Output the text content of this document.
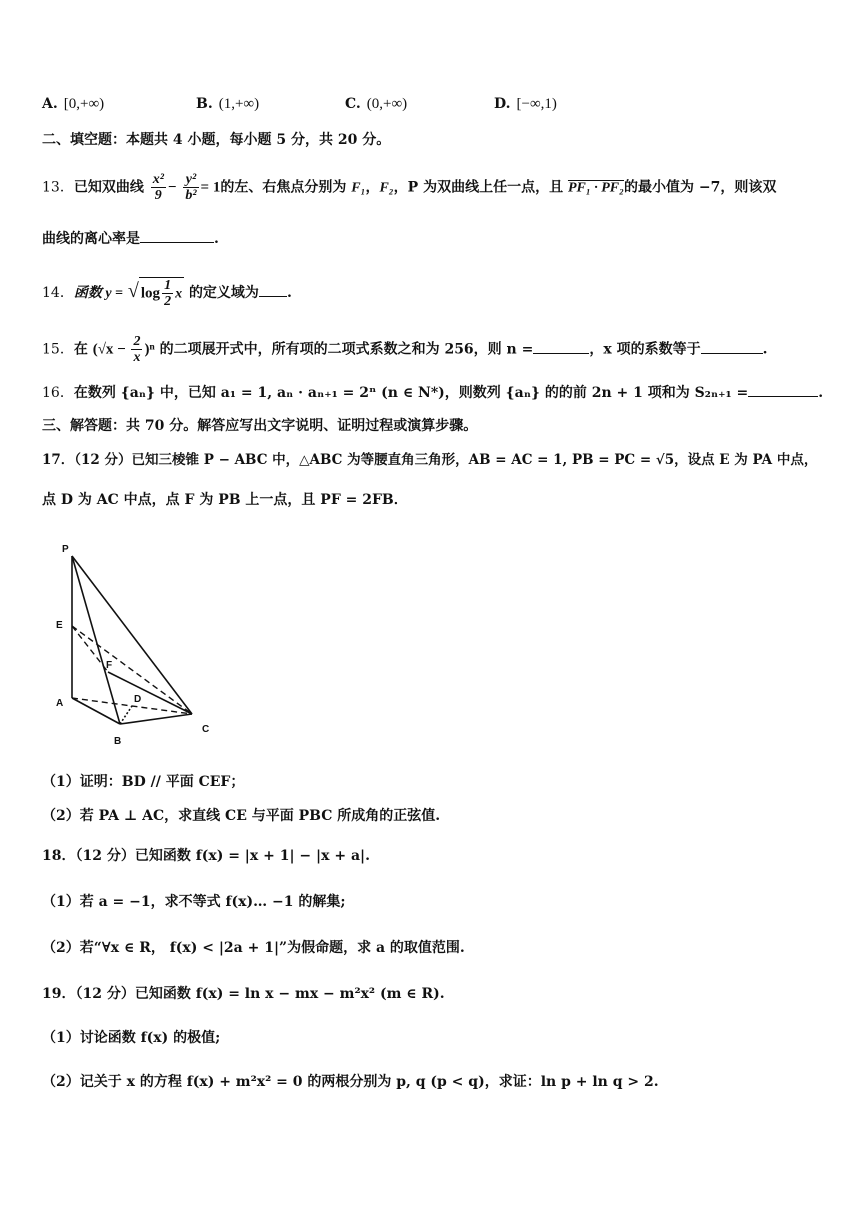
A. [0,+∞)	B. (1,+∞)	C. (0,+∞)	D. [−∞,1)
二、填空题：本题共 4 小题，每小题 5 分，共 20 分。
13．已知双曲线 $\frac{\text{x²}}{9} - \frac{\text{y²}}{\text{b²}} = 1$的左、右焦点分别为 F₁，F₂，P 为双曲线上任一点，且 PF₁ · PF₂的最小值为 −7，则该双
曲线的离心率是	.
14．函数 y = √ $\log \frac{1}{2}$ x 的定义域为 .
15．在 $(√x - \frac{2}{x} )^n$ 的二项展开式中，所有项的二项式系数之和为 256，则 n =	，x 项的系数等于	.
16．在数列 {aₙ} 中，已知 a₁ = 1, aₙ · aₙ₊₁ = 2ⁿ (n ∈ N*)，则数列 {aₙ} 的的前 2n + 1 项和为 S₂ₙ₊₁ =	.
三、解答题：共 70 分。解答应写出文字说明、证明过程或演算步骤。
17．（12 分）已知三棱锥 P − ABC 中，△ABC 为等腰直角三角形，AB = AC = 1, PB = PC = √5，设点 E 为 PA 中点，
点 D 为 AC 中点，点 F 为 PB 上一点，且 PF = 2FB．
P
E
F
D
A
B
C
（1）证明：BD // 平面 CEF；
（2）若 PA ⊥ AC，求直线 CE 与平面 PBC 所成角的正弦值.
18．（12 分）已知函数 f(x) = |x + 1| − |x + a|.
（1）若 a = −1，求不等式 f(x)… −1 的解集;
（2）若“∀x ∈ R， f(x) < |2a + 1|”为假命题，求 a 的取值范围.
19．（12 分）已知函数 f(x) = ln x − mx − m²x² (m ∈ R).
（1）讨论函数 f(x) 的极值;
（2）记关于 x 的方程 f(x) + m²x² = 0 的两根分别为 p, q (p < q)，求证：ln p + ln q > 2.
